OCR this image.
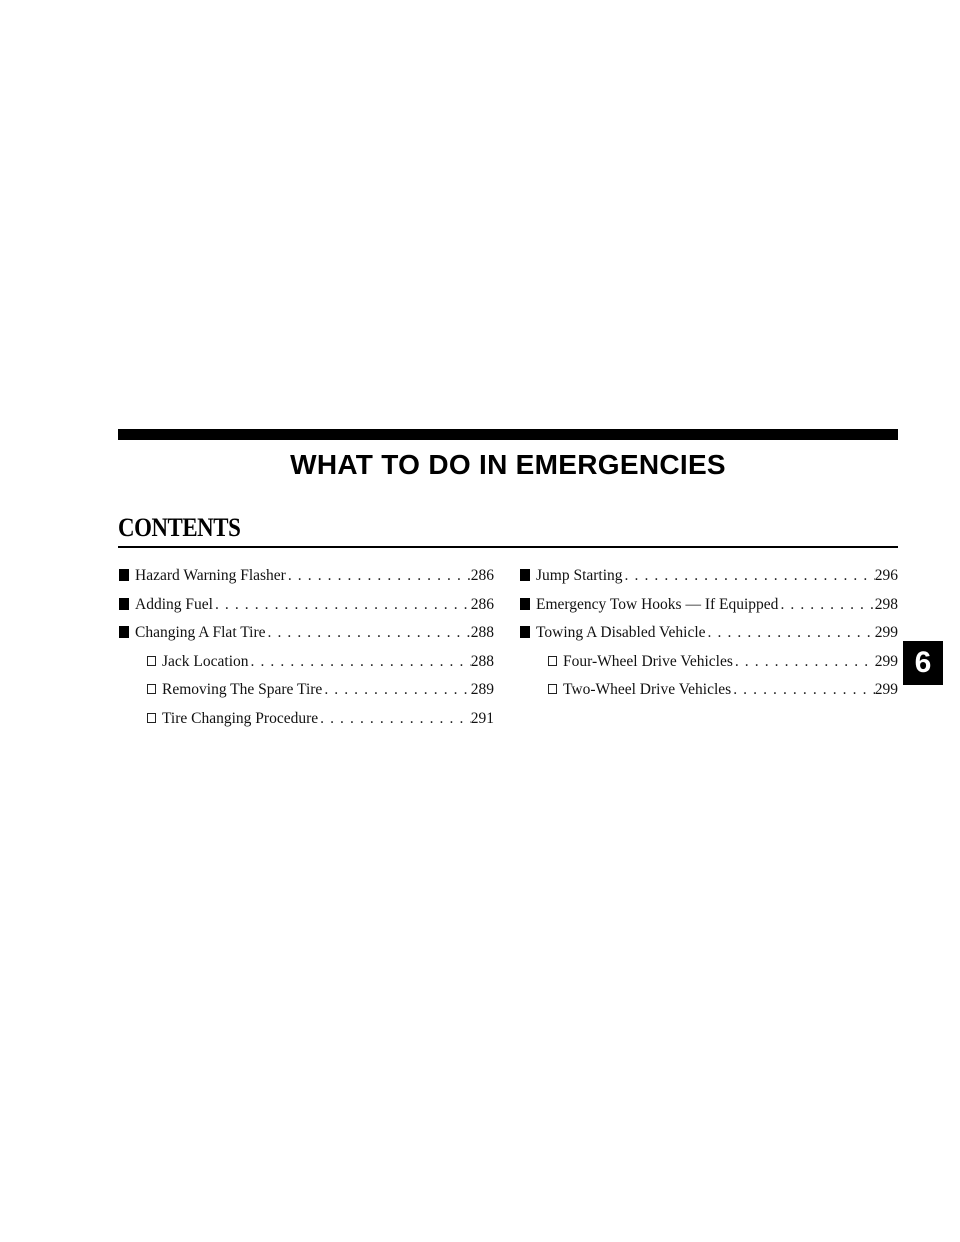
WHAT TO DO IN EMERGENCIES
CONTENTS
Hazard Warning Flasher . . .	286
Adding Fuel . . .	286
Changing A Flat Tire . . .	288
Jack Location . . .	288
Removing The Spare Tire . . .	289
Tire Changing Procedure . . .	291
Jump Starting . . .	296
Emergency Tow Hooks — If Equipped . . .	298
Towing A Disabled Vehicle . . .	299
Four-Wheel Drive Vehicles . . .	299
Two-Wheel Drive Vehicles . . .	299
6
